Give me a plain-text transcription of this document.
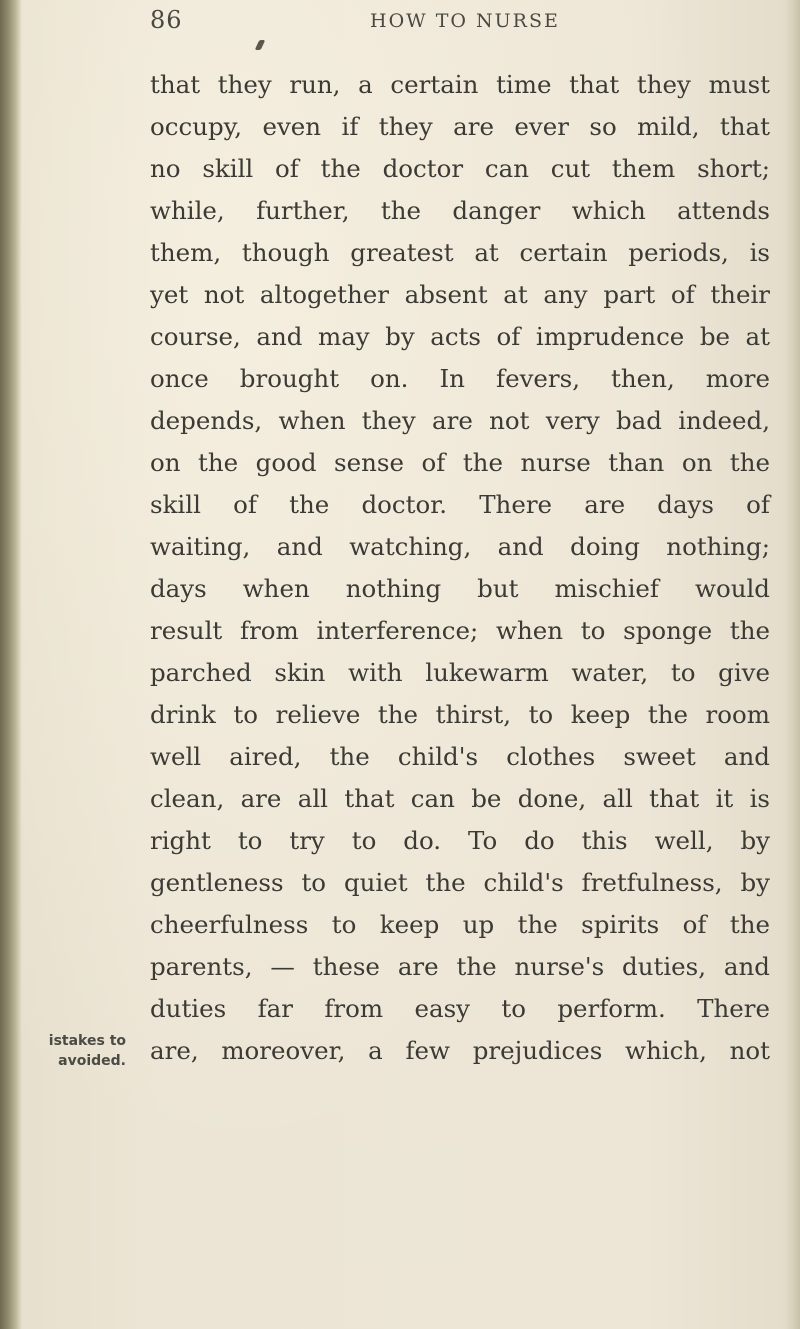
86	HOW TO NURSE
istakes to
avoided.
that they run, a certain time that they must
occupy, even if they are ever so mild, that
no skill of the doctor can cut them short;
while, further, the danger which attends
them, though greatest at certain periods, is
yet not altogether absent at any part of their
course, and may by acts of imprudence be at
once brought on. In fevers, then, more
depends, when they are not very bad indeed,
on the good sense of the nurse than on the
skill of the doctor. There are days of
waiting, and watching, and doing nothing;
days when nothing but mischief would
result from interference; when to sponge the
parched skin with lukewarm water, to give
drink to relieve the thirst, to keep the room
well aired, the child's clothes sweet and
clean, are all that can be done, all that it is
right to try to do. To do this well, by
gentleness to quiet the child's fretfulness, by
cheerfulness to keep up the spirits of the
parents, — these are the nurse's duties, and
duties far from easy to perform. There
are, moreover, a few prejudices which, not
